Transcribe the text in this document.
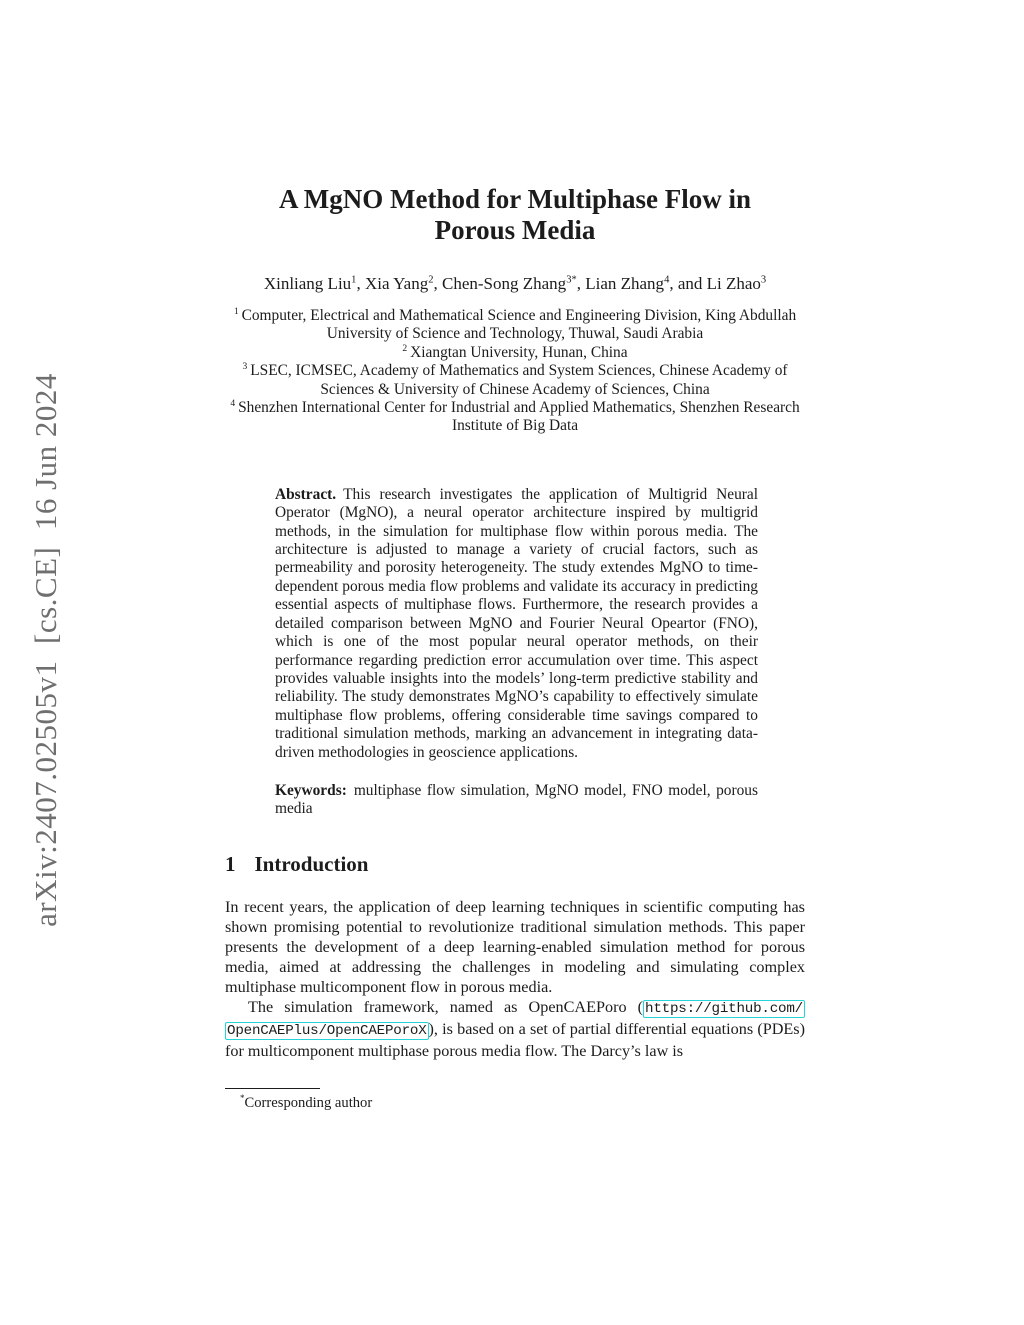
arXiv:2407.02505v1  [cs.CE]  16 Jun 2024
A MgNO Method for Multiphase Flow in
Porous Media
Xinliang Liu$^1$, Xia Yang$^2$, Chen-Song Zhang$^{3*}$, Lian Zhang$^4$, and Li Zhao$^3$
$^1$ Computer, Electrical and Mathematical Science and Engineering Division, King Abdullah University of Science and Technology, Thuwal, Saudi Arabia
$^2$ Xiangtan University, Hunan, China
$^3$ LSEC, ICMSEC, Academy of Mathematics and System Sciences, Chinese Academy of Sciences & University of Chinese Academy of Sciences, China
$^4$ Shenzhen International Center for Industrial and Applied Mathematics, Shenzhen Research Institute of Big Data
Abstract. This research investigates the application of Multigrid Neural Operator (MgNO), a neural operator architecture inspired by multigrid methods, in the simulation for multiphase flow within porous media. The architecture is adjusted to manage a variety of crucial factors, such as permeability and porosity heterogeneity. The study extendes MgNO to time-dependent porous media flow problems and validate its accuracy in predicting essential aspects of multiphase flows. Furthermore, the research provides a detailed comparison between MgNO and Fourier Neural Opeartor (FNO), which is one of the most popular neural operator methods, on their performance regarding prediction error accumulation over time. This aspect provides valuable insights into the models’ long-term predictive stability and reliability. The study demonstrates MgNO’s capability to effectively simulate multiphase flow problems, offering considerable time savings compared to traditional simulation methods, marking an advancement in integrating data-driven methodologies in geoscience applications.
Keywords: multiphase flow simulation, MgNO model, FNO model, porous media
1 Introduction

In recent years, the application of deep learning techniques in scientific computing has shown promising potential to revolutionize traditional simulation methods. This paper presents the development of a deep learning-enabled simulation method for porous media, aimed at addressing the challenges in modeling and simulating complex multiphase multicomponent flow in porous media.

The simulation framework, named as OpenCAEPoro ( https://github.com/OpenCAEPlus/OpenCAEPoroX ), is based on a set of partial differential equations (PDEs) for multicomponent multiphase porous media flow. The Darcy’s law is

*Corresponding author
